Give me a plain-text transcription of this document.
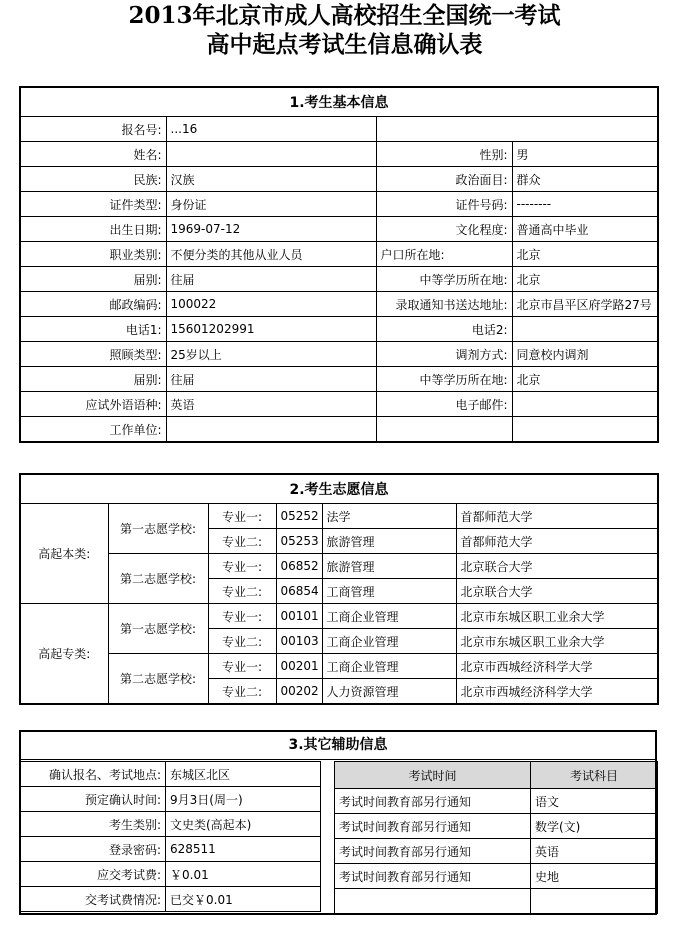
2013年北京市成人高校招生全国统一考试
高中起点考试生信息确认表
1.考生基本信息			
报名号:	...16		
姓名:		性别:	男
民族:	汉族	政治面目:	群众
证件类型:	身份证	证件号码:	--------
出生日期:	1969-07-12	文化程度:	普通高中毕业
职业类别:	不便分类的其他从业人员	户口所在地:	北京
届别:	往届	中等学历所在地:	北京
邮政编码:	100022	录取通知书送达地址:	北京市昌平区府学路27号
电话1:	15601202991	电话2:	
照顾类型:	25岁以上	调剂方式:	同意校内调剂
届别:	往届	中等学历所在地:	北京
应试外语语种:	英语	电子邮件:	
工作单位:			
2.考生志愿信息					
高起本类:	第一志愿学校:	专业一:	05252	法学	首都师范大学
		专业二:	05253	旅游管理	首都师范大学
	第二志愿学校:	专业一:	06852	旅游管理	北京联合大学
		专业二:	06854	工商管理	北京联合大学
高起专类:	第一志愿学校:	专业一:	00101	工商企业管理	北京市东城区职工业余大学
		专业二:	00103	工商企业管理	北京市东城区职工业余大学
	第二志愿学校:	专业一:	00201	工商企业管理	北京市西城经济科学大学
		专业二:	00202	人力资源管理	北京市西城经济科学大学
3.其它辅助信息
确认报名、考试地点:	东城区北区
预定确认时间:	9月3日(周一)
考生类别:	文史类(高起本)
登录密码:	628511
应交考试费:	￥0.01
交考试费情况:	已交￥0.01
考试时间	考试科目
考试时间教育部另行通知	语文
考试时间教育部另行通知	数学(文)
考试时间教育部另行通知	英语
考试时间教育部另行通知	史地
